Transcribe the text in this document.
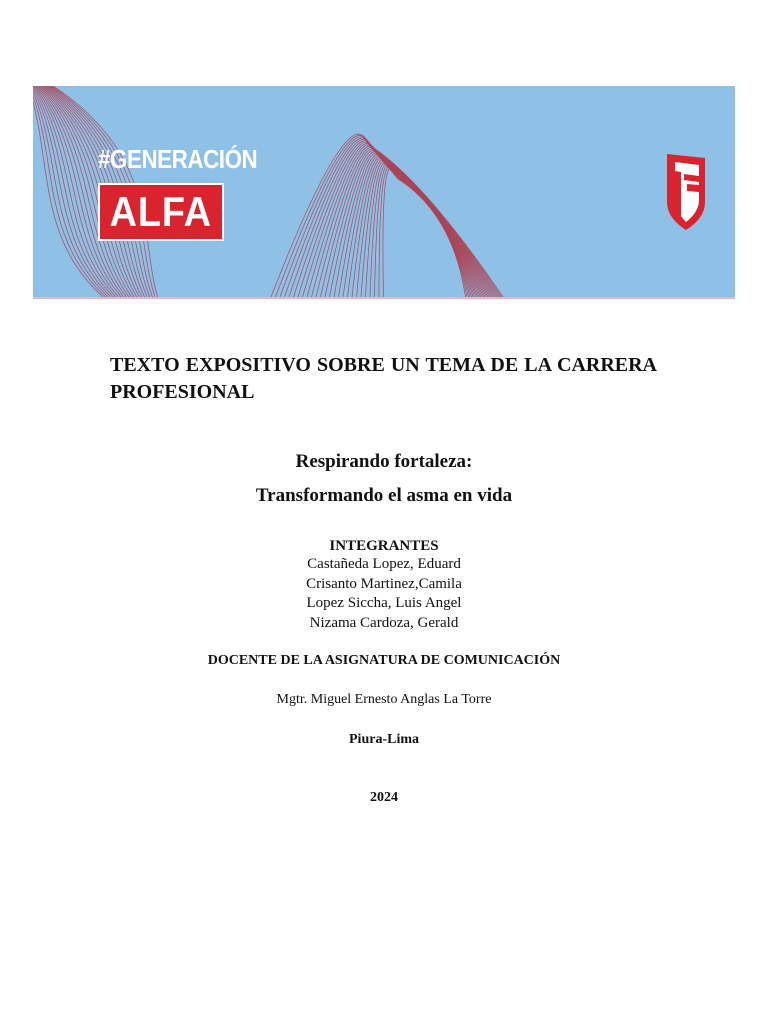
#GENERACIÓN
ALFA

TEXTO EXPOSITIVO SOBRE UN TEMA DE LA CARRERA PROFESIONAL

Respirando fortaleza:

Transformando el asma en vida

INTEGRANTES

Castañeda Lopez, Eduard

Crisanto Martinez,Camila

Lopez Siccha, Luis Angel

Nizama Cardoza, Gerald

DOCENTE DE LA ASIGNATURA DE COMUNICACIÓN

Mgtr. Miguel Ernesto Anglas La Torre

Piura-Lima

2024
